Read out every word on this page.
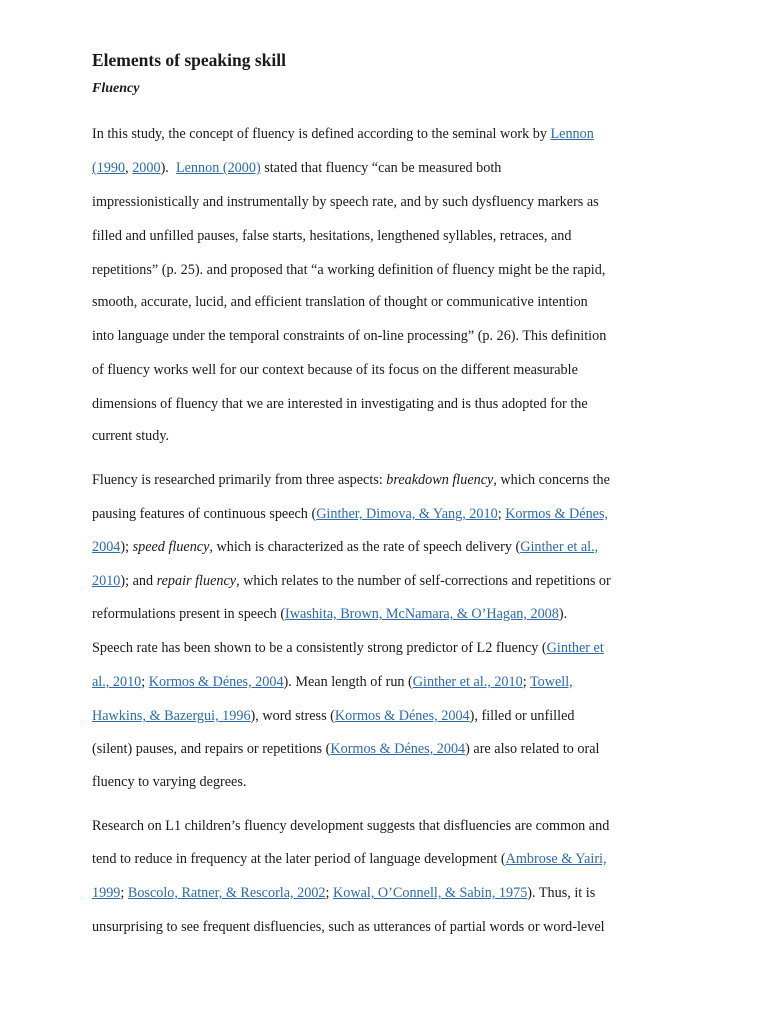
Elements of speaking skill
Fluency

In this study, the concept of fluency is defined according to the seminal work by Lennon

(1990, 2000).  Lennon (2000) stated that fluency “can be measured both

impressionistically and instrumentally by speech rate, and by such dysfluency markers as

filled and unfilled pauses, false starts, hesitations, lengthened syllables, retraces, and

repetitions” (p. 25). and proposed that “a working definition of fluency might be the rapid,

smooth, accurate, lucid, and efficient translation of thought or communicative intention

into language under the temporal constraints of on-line processing” (p. 26). This definition

of fluency works well for our context because of its focus on the different measurable

dimensions of fluency that we are interested in investigating and is thus adopted for the

current study.

Fluency is researched primarily from three aspects: breakdown fluency, which concerns the

pausing features of continuous speech (Ginther, Dimova, & Yang, 2010; Kormos & Dénes,

2004); speed fluency, which is characterized as the rate of speech delivery (Ginther et al.,

2010); and repair fluency, which relates to the number of self-corrections and repetitions or

reformulations present in speech (Iwashita, Brown, McNamara, & O’Hagan, 2008).

Speech rate has been shown to be a consistently strong predictor of L2 fluency (Ginther et

al., 2010; Kormos & Dénes, 2004). Mean length of run (Ginther et al., 2010; Towell,

Hawkins, & Bazergui, 1996), word stress (Kormos & Dénes, 2004), filled or unfilled

(silent) pauses, and repairs or repetitions (Kormos & Dénes, 2004) are also related to oral

fluency to varying degrees.

Research on L1 children’s fluency development suggests that disfluencies are common and

tend to reduce in frequency at the later period of language development (Ambrose & Yairi,

1999; Boscolo, Ratner, & Rescorla, 2002; Kowal, O’Connell, & Sabin, 1975). Thus, it is

unsurprising to see frequent disfluencies, such as utterances of partial words or word-level
